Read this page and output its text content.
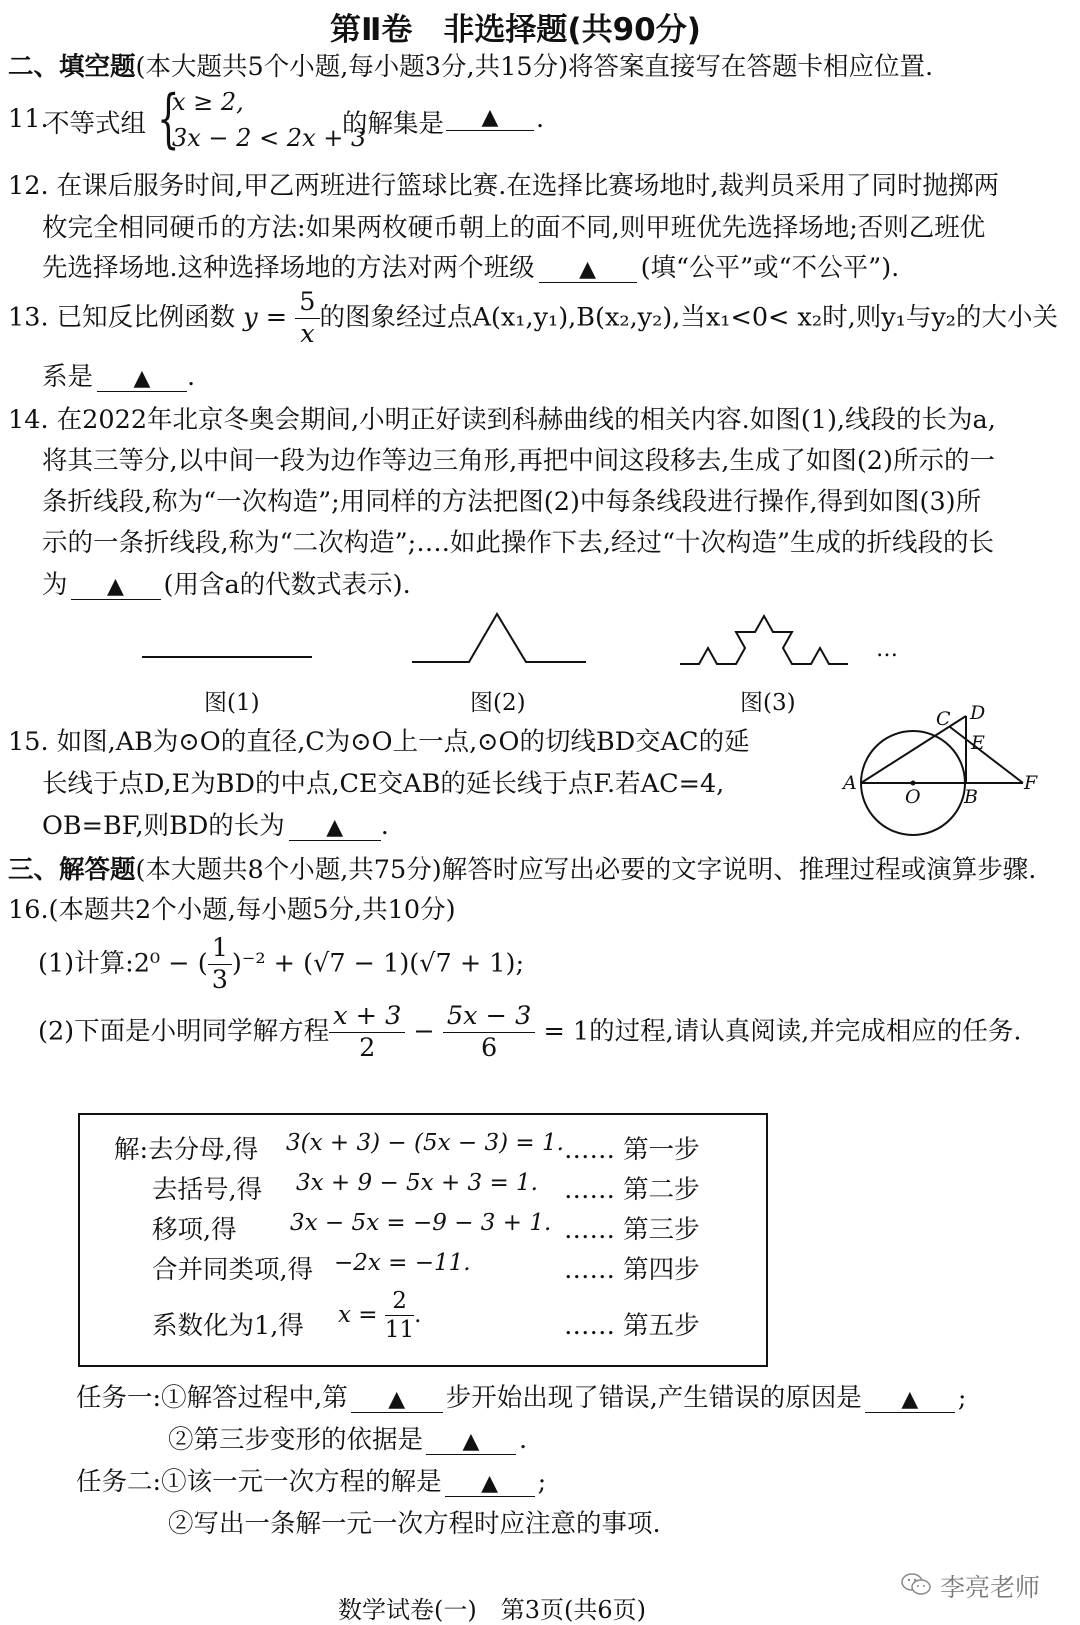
第Ⅱ卷　非选择题(共90分)
二、填空题(本大题共5个小题,每小题3分,共15分)将答案直接写在答题卡相应位置.
11.
不等式组 {
x ≥ 2,
3x − 2 < 2x + 3
的解集是	▲	.
12. 在课后服务时间,甲乙两班进行篮球比赛.在选择比赛场地时,裁判员采用了同时抛掷两
枚完全相同硬币的方法:如果两枚硬币朝上的面不同,则甲班优先选择场地;否则乙班优
先选择场地.这种选择场地的方法对两个班级 ▲ (填“公平”或“不公平”).
13. 已知反比例函数 $y = \frac{5}{x}$ 的图象经过点A(x₁,y₁),B(x₂,y₂),当x₁<0< x₂时,则y₁与y₂的大小关
系是 ▲ .
14. 在2022年北京冬奥会期间,小明正好读到科赫曲线的相关内容.如图(1),线段的长为a,
将其三等分,以中间一段为边作等边三角形,再把中间这段移去,生成了如图(2)所示的一
条折线段,称为“一次构造”;用同样的方法把图(2)中每条线段进行操作,得到如图(3)所
示的一条折线段,称为“二次构造”;….如此操作下去,经过“十次构造”生成的折线段的长
为 ▲ (用含a的代数式表示).
…
图(1)	图(2)	图(3)
15. 如图,AB为⊙O的直径,C为⊙O上一点,⊙O的切线BD交AC的延
长线于点D,E为BD的中点,CE交AB的延长线于点F.若AC=4,
OB=BF,则BD的长为 ▲ .
A
O B
F
C D
E
三、解答题(本大题共8个小题,共75分)解答时应写出必要的文字说明、推理过程或演算步骤.
16.(本题共2个小题,每小题5分,共10分)
(1)计算:2⁰ − ( $\frac{1}{3} )^{-2} + (√7 - 1)(√7 + 1)$;
(2)下面是小明同学解方程 $\frac{x + 3}{2} - \frac{5x - 3}{6} = 1$的过程,请认真阅读,并完成相应的任务.
解:去分母,得 3(x + 3) − (5x − 3) = 1. …… 第一步
去括号,得 3x + 9 − 5x + 3 = 1. …… 第二步
移项,得 3x − 5x = −9 − 3 + 1. …… 第三步
合并同类项,得 −2x = −11.	…… 第四步
系数化为1,得 $x = \frac{2}{11}$ .	…… 第五步
任务一:①解答过程中,第 ▲ 步开始出现了错误,产生错误的原因是 ▲ ;
②第三步变形的依据是 ▲ .
任务二:①该一元一次方程的解是 ▲ ;
②写出一条解一元一次方程时应注意的事项.
李亮老师
数学试卷(一)　第3页(共6页)
